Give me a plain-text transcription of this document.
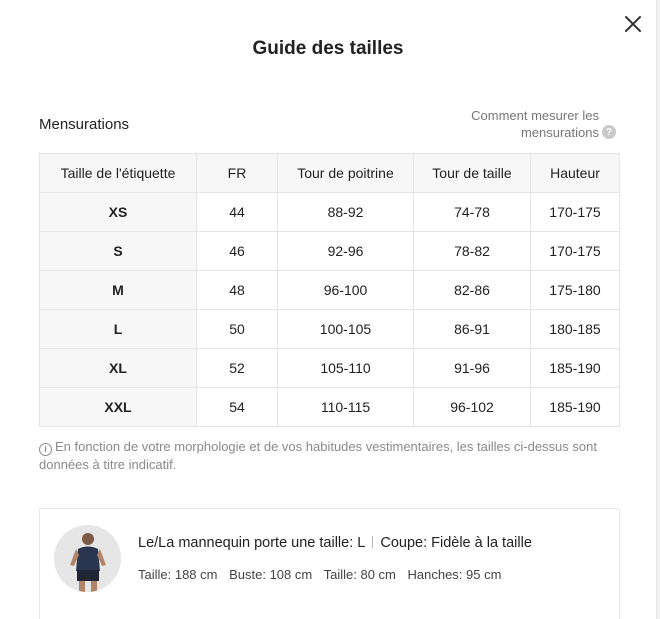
Guide des tailles
Mensurations
Comment mesurer les mensurations ?
Taille de l'étiquette	FR	Tour de poitrine	Tour de taille	Hauteur
XS	44	88-92	74-78	170-175
S	46	92-96	78-82	170-175
M	48	96-100	82-86	175-180
L	50	100-105	86-91	180-185
XL	52	105-110	91-96	185-190
XXL	54	110-115	96-102	185-190
i En fonction de votre morphologie et de vos habitudes vestimentaires, les tailles ci-dessus sont données à titre indicatif.
Le/La mannequin porte une taille: L Coupe: Fidèle à la taille
Taille: 188 cm Buste: 108 cm Taille: 80 cm Hanches: 95 cm
